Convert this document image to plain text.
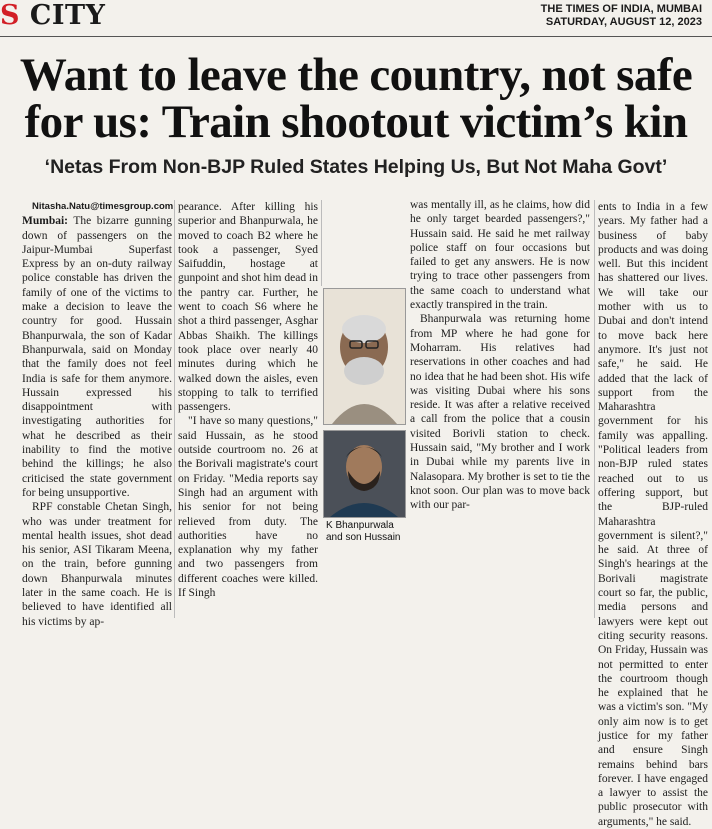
S CITY	THE TIMES OF INDIA, MUMBAI
SATURDAY, AUGUST 12, 2023
Want to leave the country, not safe for us: Train shootout victim’s kin
‘Netas From Non-BJP Ruled States Helping Us, But Not Maha Govt’

Nitasha.Natu@timesgroup.com

Mumbai: The bizarre gunning down of passengers on the Jaipur-Mumbai Superfast Express by an on-duty railway police constable has driven the family of one of the victims to make a decision to leave the country for good. Hussain Bhanpurwala, the son of Kadar Bhanpurwala, said on Monday that the family does not feel India is safe for them anymore. Hussain expressed his disappointment with investigating authorities for what he described as their inability to find the motive behind the killings; he also criticised the state government for being unsupportive.

RPF constable Chetan Singh, who was under treatment for mental health issues, shot dead his senior, ASI Tikaram Meena, on the train, before gunning down Bhanpurwala minutes later in the same coach. He is believed to have identified all his victims by ap-

pearance. After killing his superior and Bhanpurwala, he moved to coach B2 where he took a passenger, Syed Saifuddin, hostage at gunpoint and shot him dead in the pantry car. Further, he went to coach S6 where he shot a third passenger, Asghar Abbas Shaikh. The killings took place over nearly 40 minutes during which he walked down the aisles, even stopping to talk to terrified passengers.

"I have so many questions," said Hussain, as he stood outside courtroom no. 26 at the Borivali magistrate's court on Friday. "Media reports say Singh had an argument with his senior for not being relieved from duty. The authorities have no explanation why my father and two passengers from different coaches were killed. If Singh

K Bhanpurwala and son Hussain

was mentally ill, as he claims, how did he only target bearded passengers?," Hussain said. He said he met railway police staff on four occasions but failed to get any answers. He is now trying to trace other passengers from the same coach to understand what exactly transpired in the train.

Bhanpurwala was returning home from MP where he had gone for Moharram. His relatives had reservations in other coaches and had no idea that he had been shot. His wife was visiting Dubai where his sons reside. It was after a relative received a call from the police that a cousin visited Borivli station to check. Hussain said, "My brother and I work in Dubai while my parents live in Nalasopara. My brother is set to tie the knot soon. Our plan was to move back with our par-

ents to India in a few years. My father had a business of baby products and was doing well. But this incident has shattered our lives. We will take our mother with us to Dubai and don't intend to move back here anymore. It's just not safe," he said. He added that the lack of support from the Maharashtra government for his family was appalling. "Political leaders from non-BJP ruled states reached out to us offering support, but the BJP-ruled Maharashtra government is silent?," he said. At three of Singh's hearings at the Borivali magistrate court so far, the public, media persons and lawyers were kept out citing security reasons. On Friday, Hussain was not permitted to enter the courtroom though he explained that he was a victim's son. "My only aim now is to get justice for my father and ensure Singh remains behind bars forever. I have engaged a lawyer to assist the public prosecutor with arguments," he said.
